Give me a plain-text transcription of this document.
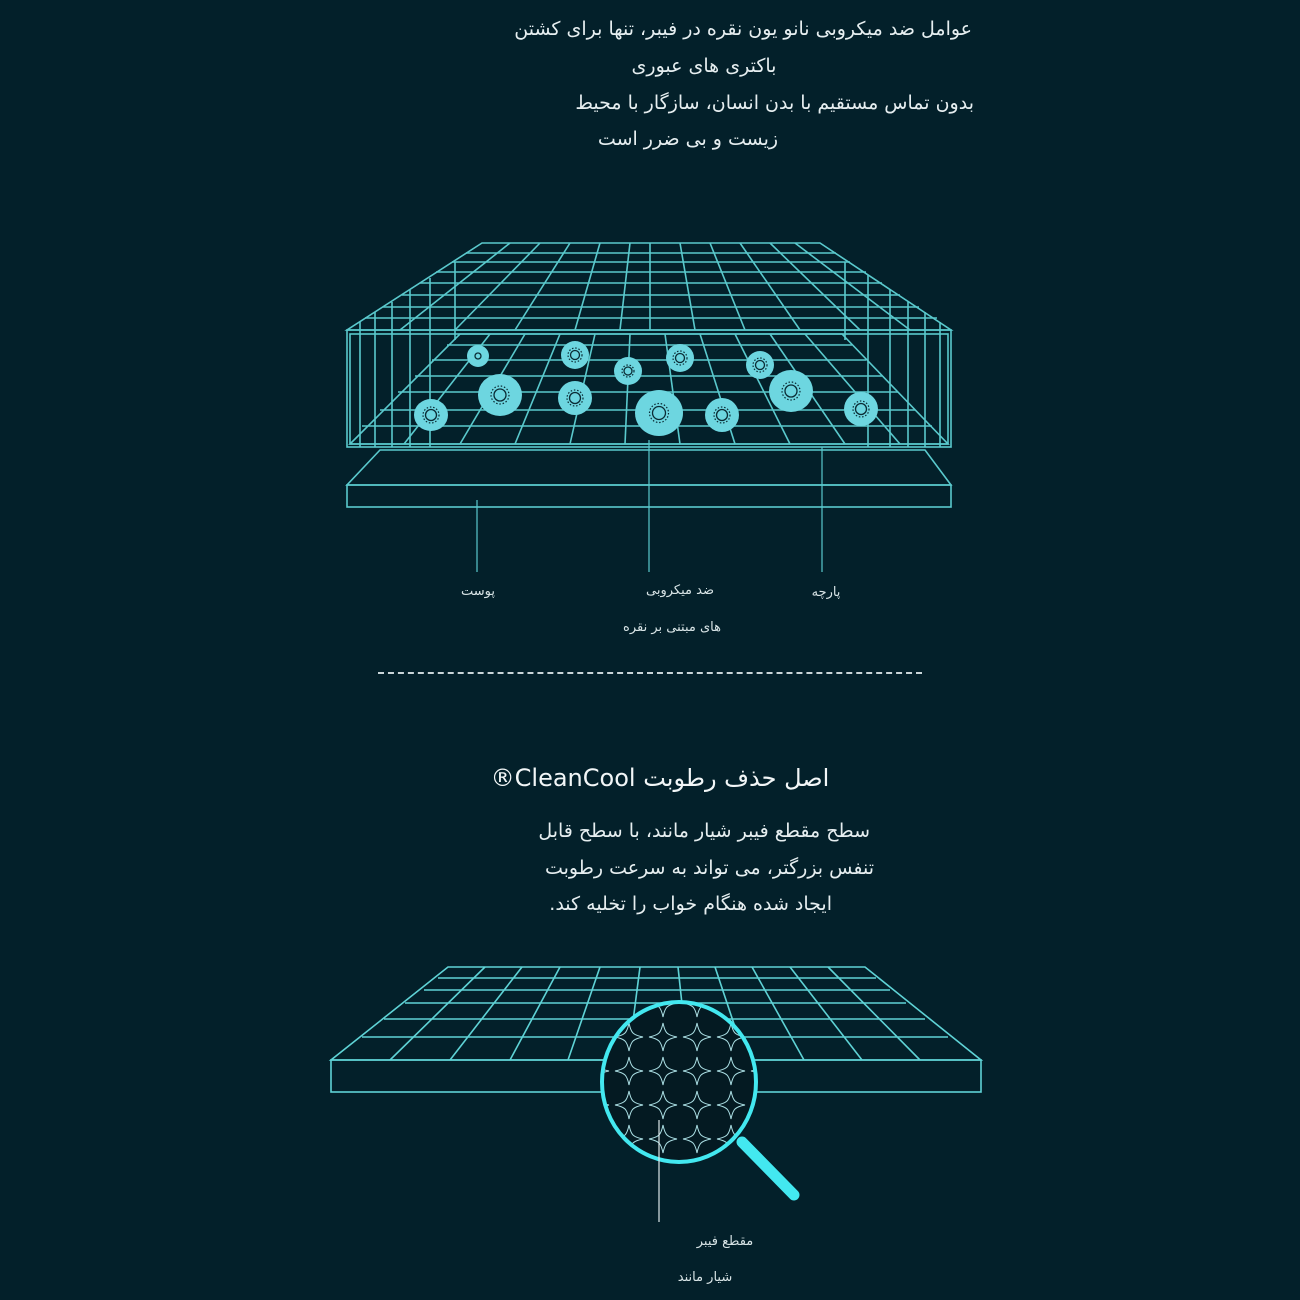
عوامل ضد میکروبی نانو یون نقره در فیبر، تنها برای کشتن
باکتری های عبوری
بدون تماس مستقیم با بدن انسان، سازگار با محیط
زیست و بی ضرر است
پوست	ضد میکروبی
های مبتنی بر نقره
پارچه
اصل حذف رطوبت CleanCool®
سطح مقطع فیبر شیار مانند، با سطح قابل
تنفس بزرگتر، می تواند به سرعت رطوبت
ایجاد شده هنگام خواب را تخلیه کند.
مقطع فیبر
شیار مانند
